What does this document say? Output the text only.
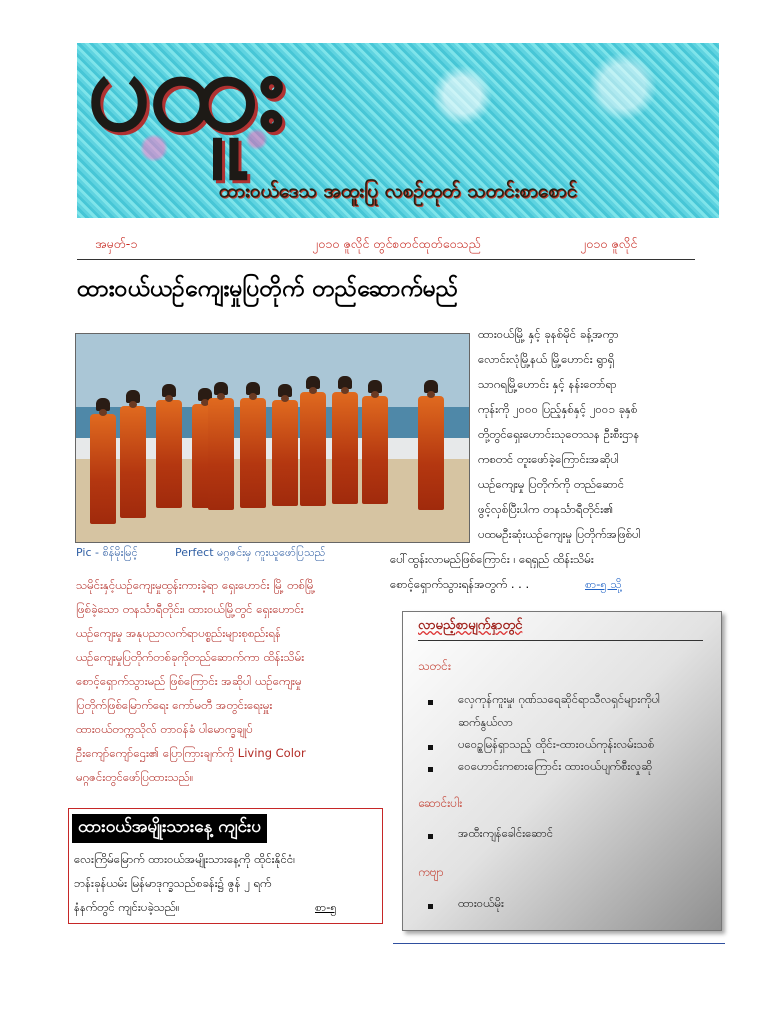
ပထူး
ထားဝယ်ဒေသ အထူးပြု လစဉ်ထုတ် သတင်းစာစောင်
အမှတ်-၁	၂၀၁၀ ဇူလိုင် တွင်စတင်ထုတ်ဝေသည်	၂၀၁၀ ဇူလိုင်
ထားဝယ်ယဉ်ကျေးမှုပြတိုက် တည်ဆောက်မည်
Pic - စိန်မိုးမြင့်	Perfect မဂ္ဂဇင်းမှ ကူးယူဖော်ပြသည်
ထားဝယ်မြို့ နှင့် ခုနစ်မိုင် ခန့်အကွာ
လောင်းလုံမြို့နယ် မြို့ဟောင်း ရွာရှိ
သာဂရမြို့ဟောင်း နှင့် နန်းတော်ရာ
ကုန်းကို ၂၀၀၀ ပြည့်နှစ်နှင့် ၂၀၀၁ ခုနှစ်
တို့တွင်ရှေးဟောင်းသုတေသန ဦးစီးဌာန
ကစတင် တူးဖော်ခဲ့ကြောင်းအဆိုပါ
ယဉ်ကျေးမှု ပြတိုက်ကို တည်ဆောင်
ဖွင့်လှစ်ပြီးပါက တနင်္သာရီတိုင်း၏
ပထမဦးဆုံးယဉ်ကျေးမှု ပြတိုက်အဖြစ်ပါ
ပေါ်ထွန်းလာမည်ဖြစ်ကြောင်း ၊ ရေရှည် ထိန်းသိမ်း
စောင့်ရှောက်သွားရန်အတွက် . . .	စာ-၅ သို့
သမိုင်းနှင့်ယဉ်ကျေးမှုထွန်းကားခဲ့ရာ ရှေးဟောင်း မြို့ တစ်မြို့
ဖြစ်ခဲ့သော တနင်္သာရီတိုင်း၊ ထားဝယ်မြို့တွင် ရှေးဟောင်း
ယဉ်ကျေးမှု အနုပညာလက်ရာပစ္စည်းများစုစည်းရန်
ယဉ်ကျေးမှုပြတိုက်တစ်ခုကိုတည်ဆောက်ကာ ထိန်းသိမ်း
စောင့်ရှောက်သွားမည် ဖြစ်ကြောင်း အဆိုပါ ယဉ်ကျေးမှု
ပြတိုက်ဖြစ်မြောက်ရေး ကော်မတီ အတွင်းရေးမှူး
ထားဝယ်တက္ကသိုလ် တာဝန်ခံ ပါမောက္ခချုပ်
ဦးကျော်ကျော်ဌေး၏ ပြောကြားချက်ကို Living Color
မဂ္ဂဇင်းတွင်ဖော်ပြထားသည်။
ထားဝယ်အမျိုးသားနေ့ ကျင်းပ
လေးကြိမ်မြောက် ထားဝယ်အမျိုးသားနေ့ကို ထိုင်းနိုင်ငံ၊
ဘန်းခုန်ယမ်း မြန်မာဒုက္ခသည်စခန်း၌ ဇွန် ၂ ရက်
နံနက်တွင် ကျင်းပခဲ့သည်။	စာ-၅
လာမည့်စာမျက်နှာတွင်
သတင်း
လှေကုန်ကူးမှု၊ ဂုဏ်သရေဆိုင်ရာသီလရှင်များကိုပါ
ဆက်နွယ်လာ
ပဝေဥ္စမြန်ရှာသည့် ထိုင်း-ထားဝယ်ကုန်းလမ်းသစ်
ဝေဟောင်းကစားကြောင်း ထားဝယ်ပျက်စီးလှုဆို
ဆောင်းပါး
အထီးကျန်ခေါင်းဆောင်
ကဗျာ
ထားဝယ်မိုး
